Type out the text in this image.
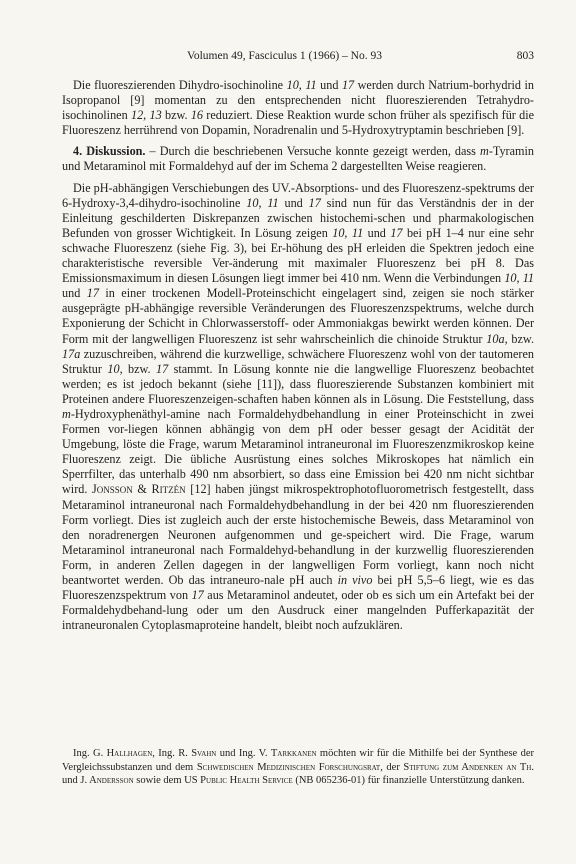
Volumen 49, Fasciculus 1 (1966) – No. 93	803

Die fluoreszierenden Dihydro-isochinoline 10, 11 und 17 werden durch Natrium-borhydrid in Isopropanol [9] momentan zu den entsprechenden nicht fluoreszierenden Tetrahydro-isochinolinen 12, 13 bzw. 16 reduziert. Diese Reaktion wurde schon früher als spezifisch für die Fluoreszenz herrührend von Dopamin, Noradrenalin und 5-Hydroxytryptamin beschrieben [9].

4. Diskussion. – Durch die beschriebenen Versuche konnte gezeigt werden, dass m-Tyramin und Metaraminol mit Formaldehyd auf der im Schema 2 dargestellten Weise reagieren.

Die pH-abhängigen Verschiebungen des UV.-Absorptions- und des Fluoreszenz-spektrums der 6-Hydroxy-3,4-dihydro-isochinoline 10, 11 und 17 sind nun für das Verständnis der in der Einleitung geschilderten Diskrepanzen zwischen histochemi-schen und pharmakologischen Befunden von grosser Wichtigkeit. In Lösung zeigen 10, 11 und 17 bei pH 1–4 nur eine sehr schwache Fluoreszenz (siehe Fig. 3), bei Er-höhung des pH erleiden die Spektren jedoch eine charakteristische reversible Ver-änderung mit maximaler Fluoreszenz bei pH 8. Das Emissionsmaximum in diesen Lösungen liegt immer bei 410 nm. Wenn die Verbindungen 10, 11 und 17 in einer trockenen Modell-Proteinschicht eingelagert sind, zeigen sie noch stärker ausgeprägte pH-abhängige reversible Veränderungen des Fluoreszenzspektrums, welche durch Exponierung der Schicht in Chlorwasserstoff- oder Ammoniakgas bewirkt werden können. Der Form mit der langwelligen Fluoreszenz ist sehr wahrscheinlich die chinoide Struktur 10a, bzw. 17a zuzuschreiben, während die kurzwellige, schwächere Fluoreszenz wohl von der tautomeren Struktur 10, bzw. 17 stammt. In Lösung konnte nie die langwellige Fluoreszenz beobachtet werden; es ist jedoch bekannt (siehe [11]), dass fluoreszierende Substanzen kombiniert mit Proteinen andere Fluoreszenzeigen-schaften haben können als in Lösung. Die Feststellung, dass m-Hydroxyphenäthyl-amine nach Formaldehydbehandlung in einer Proteinschicht in zwei Formen vor-liegen können abhängig von dem pH oder besser gesagt der Acidität der Umgebung, löste die Frage, warum Metaraminol intraneuronal im Fluoreszenzmikroskop keine Fluoreszenz zeigt. Die übliche Ausrüstung eines solches Mikroskopes hat nämlich ein Sperrfilter, das unterhalb 490 nm absorbiert, so dass eine Emission bei 420 nm nicht sichtbar wird. Jonsson & Ritzén [12] haben jüngst mikrospektrophotofluorometrisch festgestellt, dass Metaraminol intraneuronal nach Formaldehydbehandlung in der bei 420 nm fluoreszierenden Form vorliegt. Dies ist zugleich auch der erste histochemische Beweis, dass Metaraminol von den noradrenergen Neuronen aufgenommen und ge-speichert wird. Die Frage, warum Metaraminol intraneuronal nach Formaldehyd-behandlung in der kurzwellig fluoreszierenden Form, in anderen Zellen dagegen in der langwelligen Form vorliegt, kann noch nicht beantwortet werden. Ob das intraneuro-nale pH auch in vivo bei pH 5,5–6 liegt, wie es das Fluoreszenzspektrum von 17 aus Metaraminol andeutet, oder ob es sich um ein Artefakt bei der Formaldehydbehand-lung oder um den Ausdruck einer mangelnden Pufferkapazität der intraneuronalen Cytoplasmaproteine handelt, bleibt noch aufzuklären.

Ing. G. Hallhagen, Ing. R. Svahn und Ing. V. Tarkkanen möchten wir für die Mithilfe bei der Synthese der Vergleichssubstanzen und dem Schwedischen Medizinischen Forschungsrat, der Stiftung zum Andenken an Th. und J. Andersson sowie dem US Public Health Service (NB 065236-01) für finanzielle Unterstützung danken.
